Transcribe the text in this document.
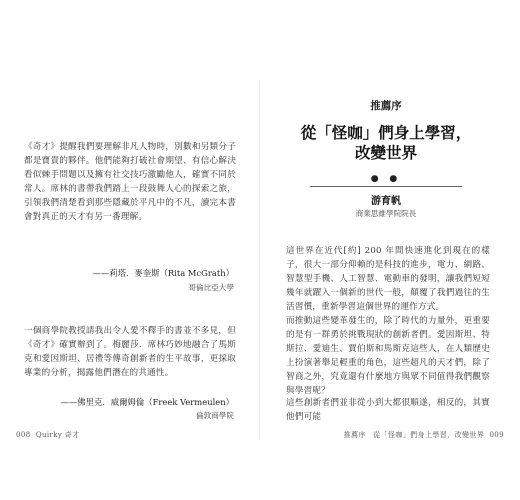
《奇才》提醒我們要理解非凡人物時，別數和另類分子都是寶貴的夥伴。他們能夠打破社會期望、有信心解決看似棘手問題以及擁有社交技巧激勵他人，確實不同於常人。席林的書帶我們踏上一段鼓舞人心的探索之旅，引領我們清楚看到那些隱藏於平凡中的不凡，讀完本書會對真正的天才有另一番理解。

——莉塔．麥奎斯（Rita McGrath）
哥倫比亞大學

一個商學院教授請我出令人愛不釋手的書並不多見，但《奇才》確實辦到了。梅麗莎．席林巧妙地融合了馬斯克和愛因斯坦、居禮等傳奇創新者的生平故事，更採取專業的分析，揭露他們潛在的共通性。

——佛里克．威爾姆倫（Freek Vermeulen）
倫敦商學院
008 Quirky 奇才
推薦序
從「怪咖」們身上學習，
改變世界
● ●
游育帆
商業思維學院院長

這世界在近代[約] 200 年間快速進化到現在的樣子，很大一部分仰賴的是科技的進步，電力、網路、智慧型手機、人工智慧、電動車的發明，讓我們短短幾年就躍入一個新的世代一般，顛覆了我們過往的生活習慣，重新學習這個世界的運作方式。

而推動這些變革發生的，除了時代的力量外，更重要的是有一群勇於挑戰現狀的創新者們。愛因斯坦、特斯拉、愛迪生、賈伯斯和馬斯克這些人，在人類歷史上扮演著舉足輕重的角色，這些超凡的天才們，除了智商之外，究竟還有什麼地方與眾不同值得我們觀察與學習呢？

這些創新者們並非從小到大都很順遂，相反的，其實他們可能

推薦序　從「怪咖」們身上學習，改變世界 009
